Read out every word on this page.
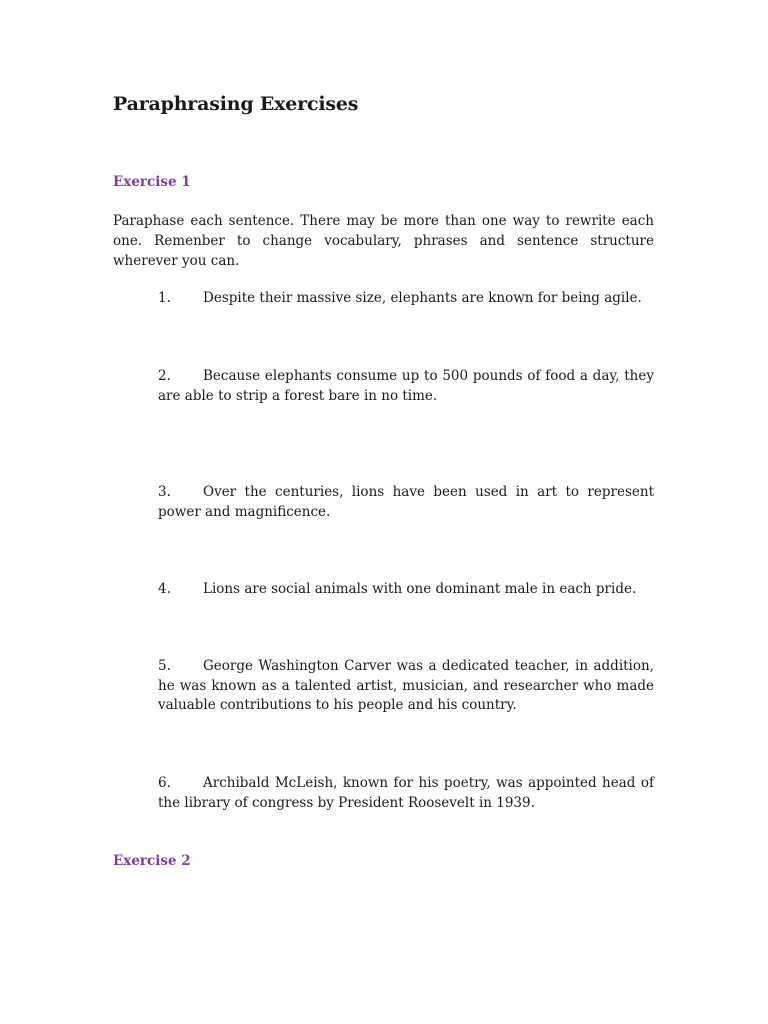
Paraphrasing Exercises
Exercise 1

Paraphase each sentence. There may be more than one way to rewrite each one. Remenber to change vocabulary, phrases and sentence structure wherever you can.

1. Despite their massive size, elephants are known for being agile.

2. Because elephants consume up to 500 pounds of food a day, they are able to strip a forest bare in no time.

3. Over the centuries, lions have been used in art to represent power and magnificence.

4. Lions are social animals with one dominant male in each pride.

5. George Washington Carver was a dedicated teacher, in addition, he was known as a talented artist, musician, and researcher who made valuable contributions to his people and his country.

6. Archibald McLeish, known for his poetry, was appointed head of the library of congress by President Roosevelt in 1939.

Exercise 2
